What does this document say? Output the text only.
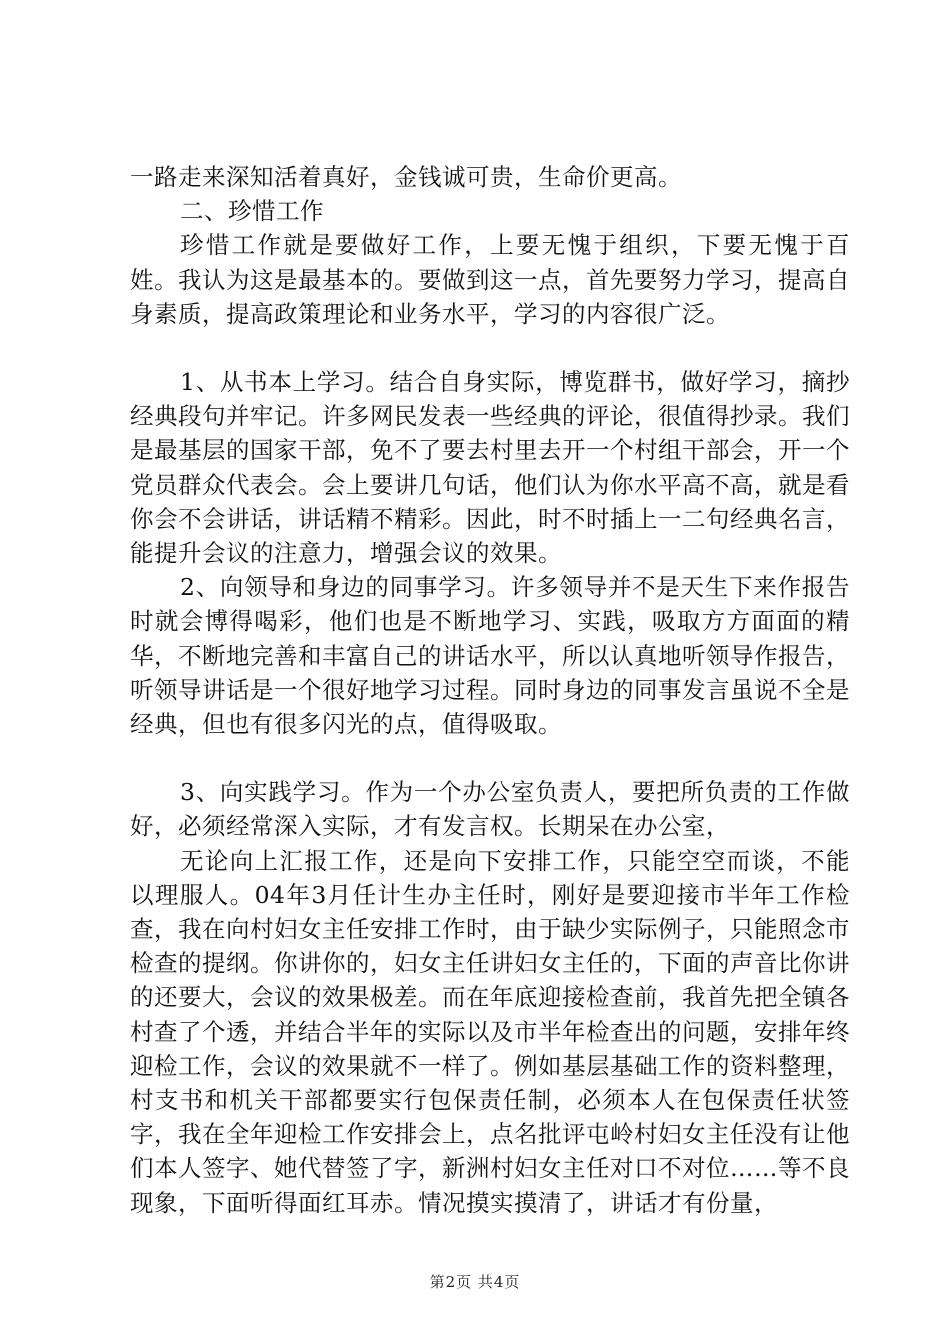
一路走来深知活着真好，金钱诚可贵，生命价更高。

二、珍惜工作

珍惜工作就是要做好工作，上要无愧于组织，下要无愧于百姓。我认为这是最基本的。要做到这一点，首先要努力学习，提高自身素质，提高政策理论和业务水平，学习的内容很广泛。

1、从书本上学习。结合自身实际，博览群书，做好学习，摘抄经典段句并牢记。许多网民发表一些经典的评论，很值得抄录。我们是最基层的国家干部，免不了要去村里去开一个村组干部会，开一个党员群众代表会。会上要讲几句话，他们认为你水平高不高，就是看你会不会讲话，讲话精不精彩。因此，时不时插上一二句经典名言，能提升会议的注意力，增强会议的效果。

2、向领导和身边的同事学习。许多领导并不是天生下来作报告时就会博得喝彩，他们也是不断地学习、实践，吸取方方面面的精华，不断地完善和丰富自己的讲话水平，所以认真地听领导作报告，听领导讲话是一个很好地学习过程。同时身边的同事发言虽说不全是经典，但也有很多闪光的点，值得吸取。

3、向实践学习。作为一个办公室负责人，要把所负责的工作做好，必须经常深入实际，才有发言权。长期呆在办公室，

无论向上汇报工作，还是向下安排工作，只能空空而谈，不能以理服人。04年3月任计生办主任时，刚好是要迎接市半年工作检查，我在向村妇女主任安排工作时，由于缺少实际例子，只能照念市检查的提纲。你讲你的，妇女主任讲妇女主任的，下面的声音比你讲的还要大，会议的效果极差。而在年底迎接检查前，我首先把全镇各村查了个透，并结合半年的实际以及市半年检查出的问题，安排年终迎检工作，会议的效果就不一样了。例如基层基础工作的资料整理，村支书和机关干部都要实行包保责任制，必须本人在包保责任状签字，我在全年迎检工作安排会上，点名批评屯岭村妇女主任没有让他们本人签字、她代替签了字，新洲村妇女主任对口不对位……等不良现象，下面听得面红耳赤。情况摸实摸清了，讲话才有份量，

第2页 共4页
